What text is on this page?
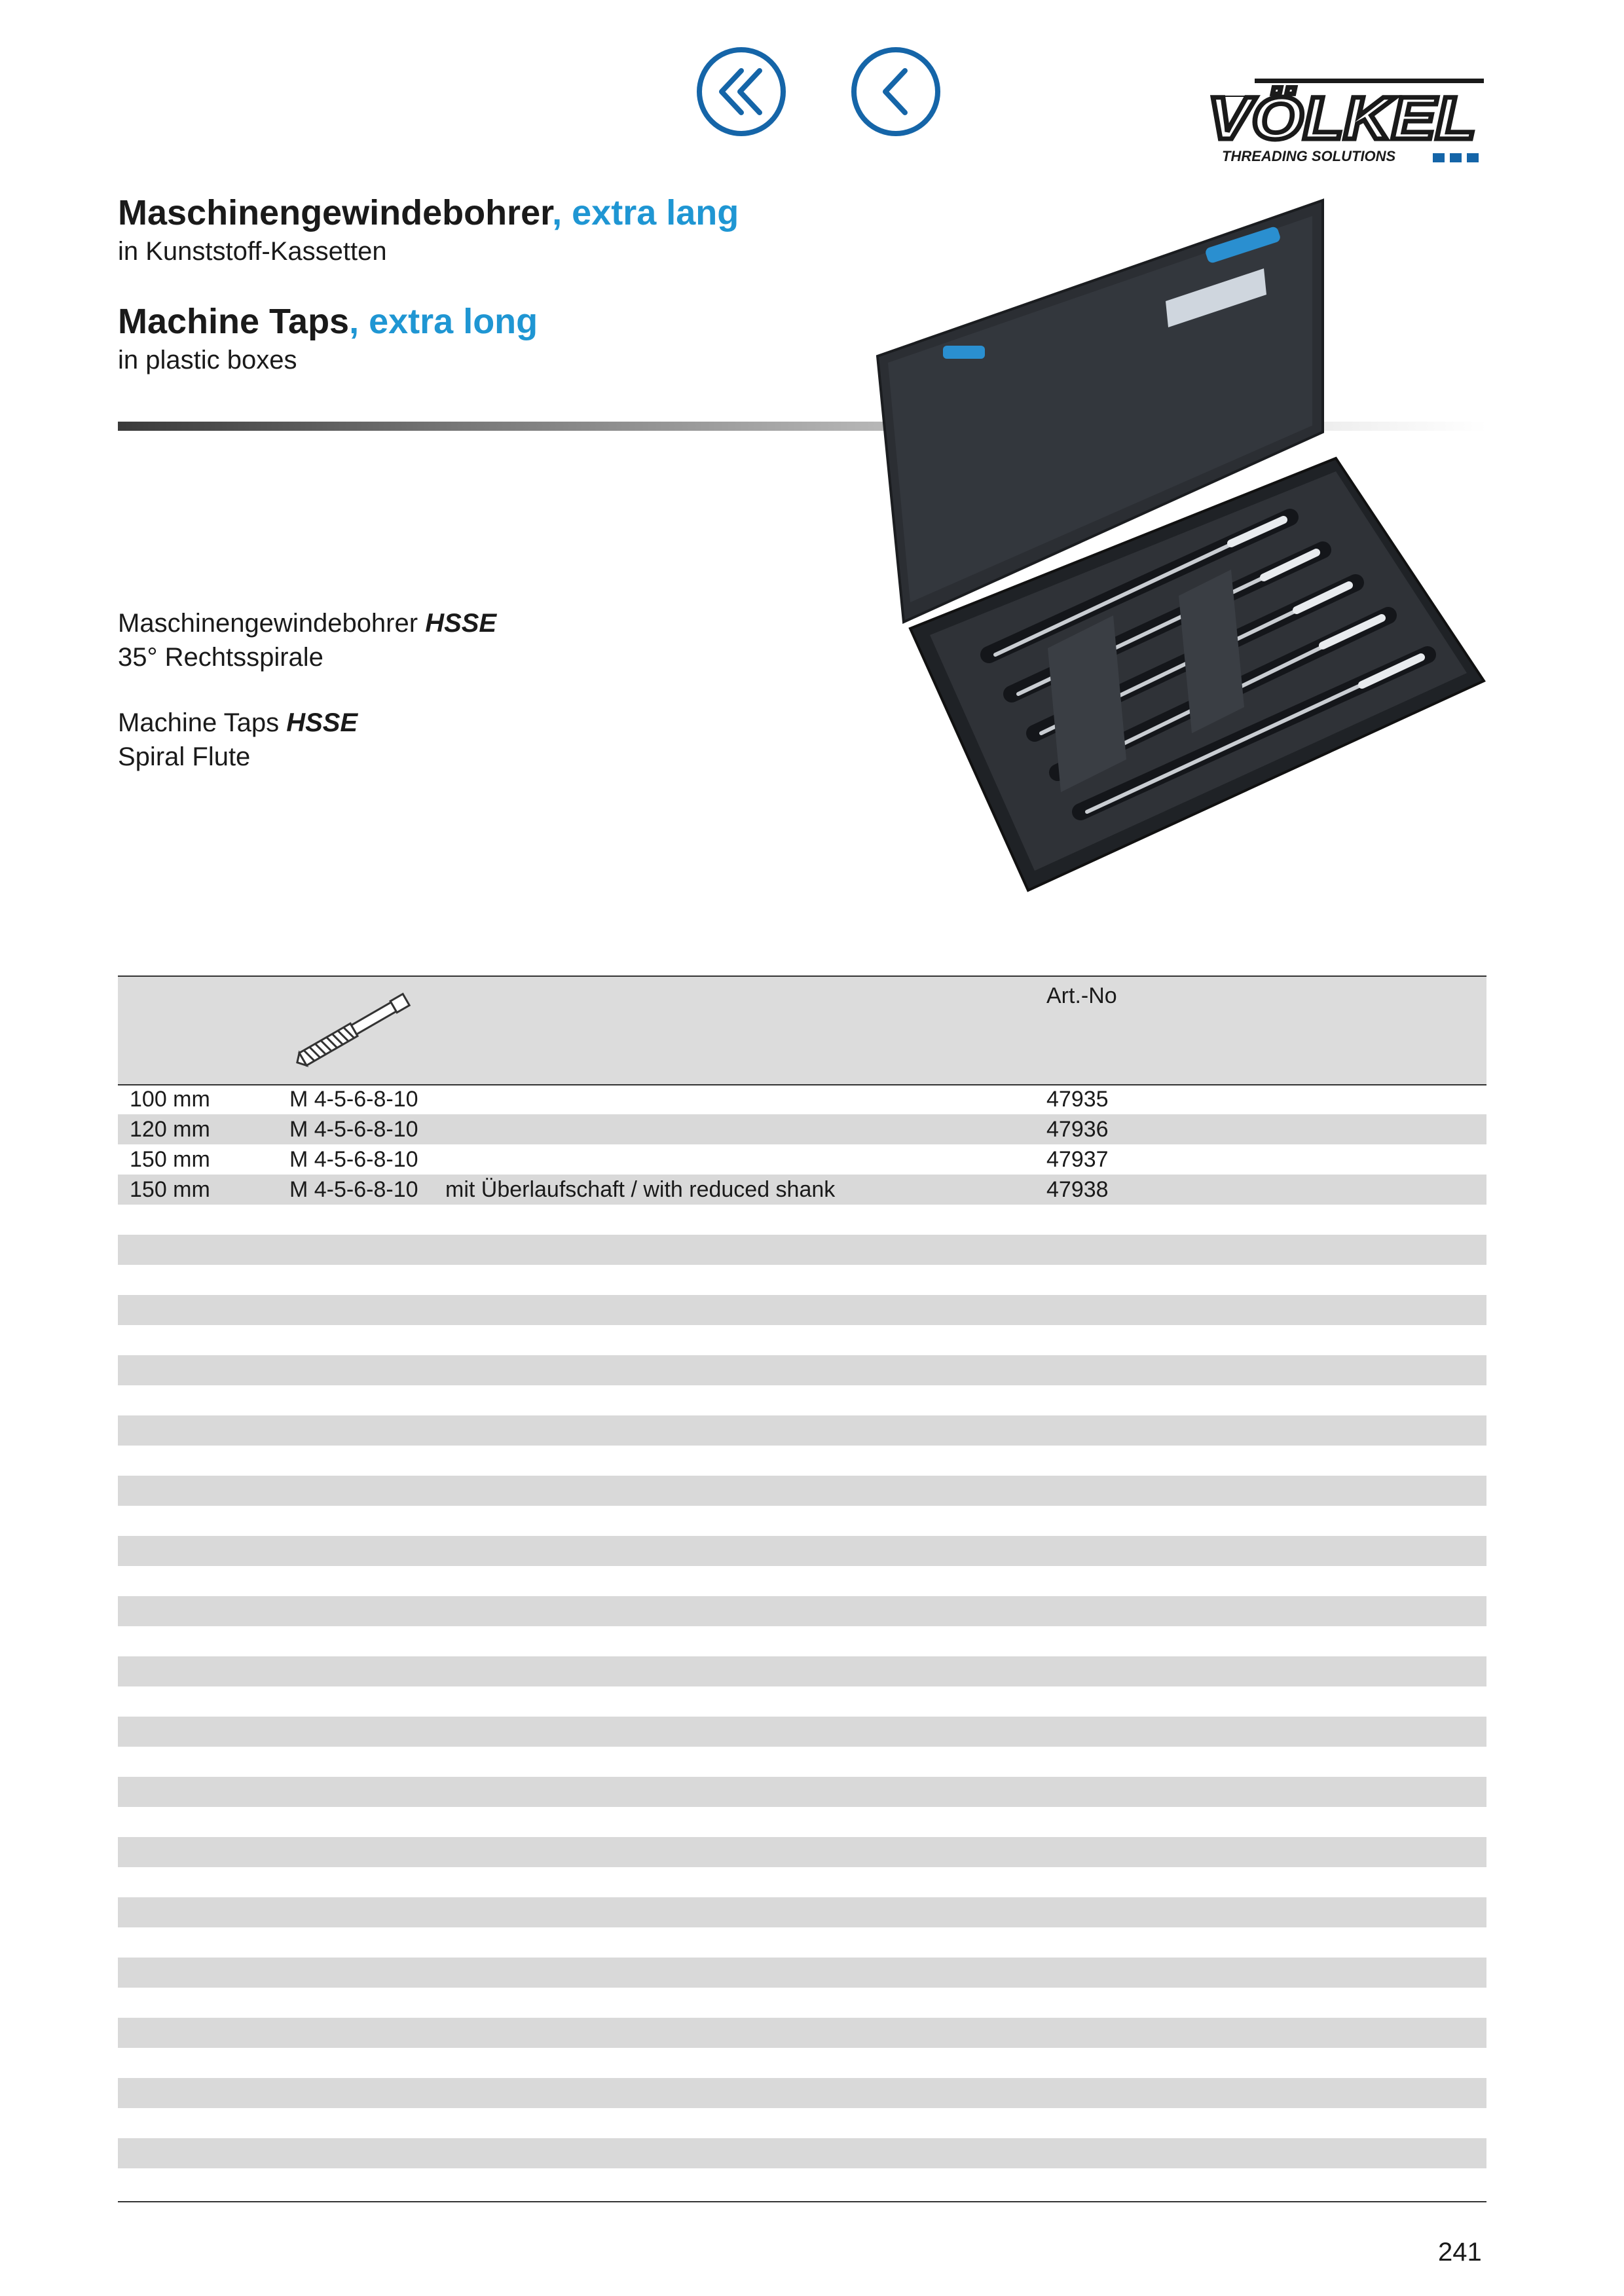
VÖLKEL
THREADING SOLUTIONS
Maschinengewindebohrer, extra lang
in Kunststoff-Kassetten
Machine Taps, extra long
in plastic boxes
Maschinengewindebohrer HSSE
35° Rechtsspirale
Machine Taps HSSE
Spiral Flute
Art.-No
100 mm	M 4-5-6-8-10	47935
120 mm	M 4-5-6-8-10	47936
150 mm	M 4-5-6-8-10	47937
150 mm	M 4-5-6-8-10 mit Überlaufschaft / with reduced shank	47938
241
